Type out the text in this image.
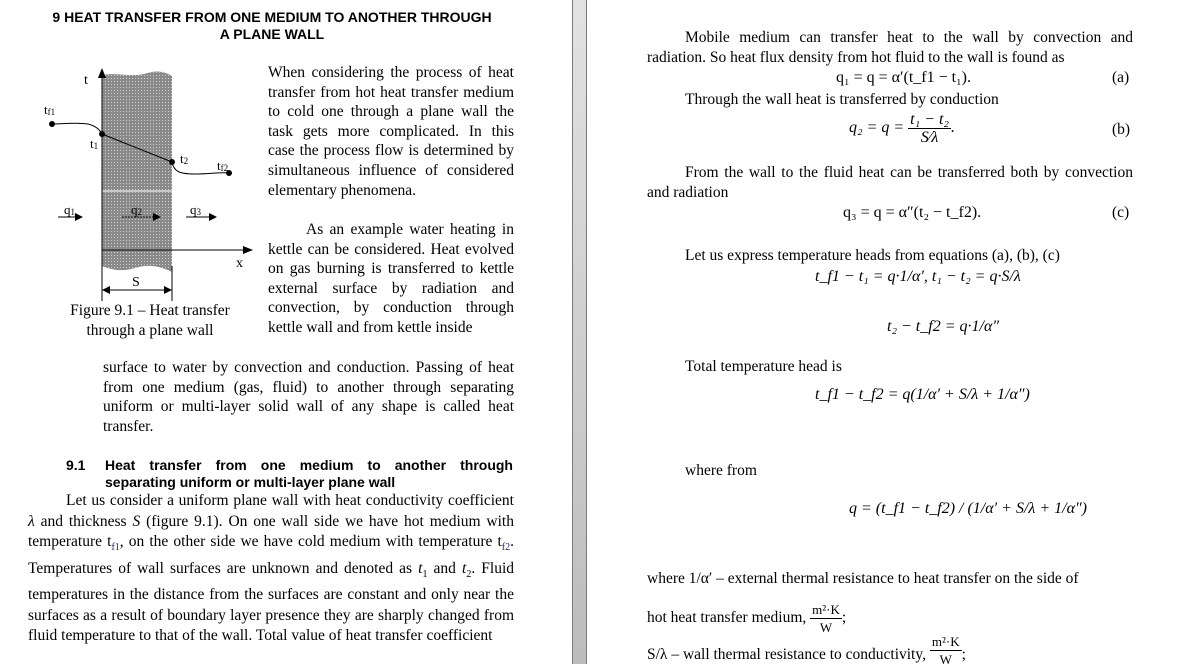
9 HEAT TRANSFER FROM ONE MEDIUM TO ANOTHER THROUGH
A PLANE WALL
t
x
tf1
t1
t2 tf2
q1	q2	q3
S
Figure 9.1 – Heat transfer
through a plane wall
When considering the process of heat transfer from hot heat transfer medium to cold one through a plane wall the task gets more complicated. In this case the process flow is determined by simultaneous influence of considered elementary phenomena.
As an example water heating in kettle can be considered. Heat evolved on gas burning is transferred to kettle external surface by radiation and convection, by conduction through kettle wall and from kettle inside
surface to water by convection and conduction. Passing of heat from one medium (gas, fluid) to another through separating uniform or multi-layer solid wall of any shape is called heat transfer.
9.1 Heat transfer from one medium to another through separating uniform or multi-layer plane wall
Let us consider a uniform plane wall with heat conductivity coefficient λ and thickness S (figure 9.1). On one wall side we have hot medium with temperature $t_{f1}$, on the other side we have cold medium with temperature $t_{f2}$. Temperatures of wall surfaces are unknown and denoted as $t_1$ and $t_2$. Fluid temperatures in the distance from the surfaces are constant and only near the surfaces as a result of boundary layer presence they are sharply changed from fluid temperature to that of the wall. Total value of heat transfer coefficient
Mobile medium can transfer heat to the wall by convection and radiation. So heat flux density from hot fluid to the wall is found as
q₁ = q = α′(t_f1 − t₁).	(a)
Through the wall heat is transferred by conduction
$q_2 = q = \frac{\text{t₁ − t₂}}{S⁄\lambda}$ .	(b)
From the wall to the fluid heat can be transferred both by convection and radiation
q₃ = q = α″(t₂ − t_f2).	(c)
Let us express temperature heads from equations (a), (b), (c)
t_f1 − t₁ = q·1/α′, t₁ − t₂ = q·S/λ
t₂ − t_f2 = q·1/α″
Total temperature head is
t_f1 − t_f2 = q(1/α′ + S/λ + 1/α″)
where from
q = (t_f1 − t_f2) / (1/α′ + S/λ + 1/α″)
where 1/α′ – external thermal resistance to heat transfer on the side of
hot heat transfer medium, $\frac{\text{m²·K}}{W}$ ;
S/λ – wall thermal resistance to conductivity, $\frac{\text{m²·K}}{W}$ ;
